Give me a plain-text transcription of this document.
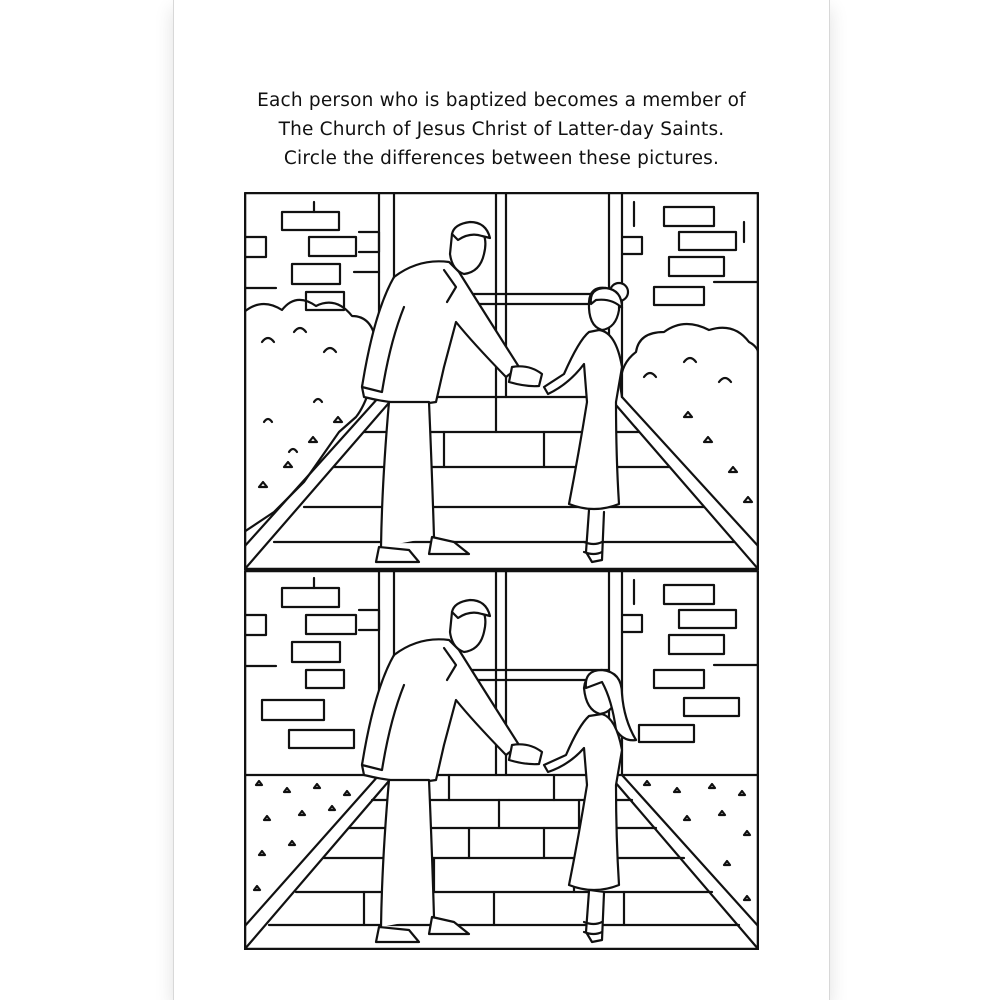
Each person who is baptized becomes a member of
The Church of Jesus Christ of Latter-day Saints.
Circle the differences between these pictures.
